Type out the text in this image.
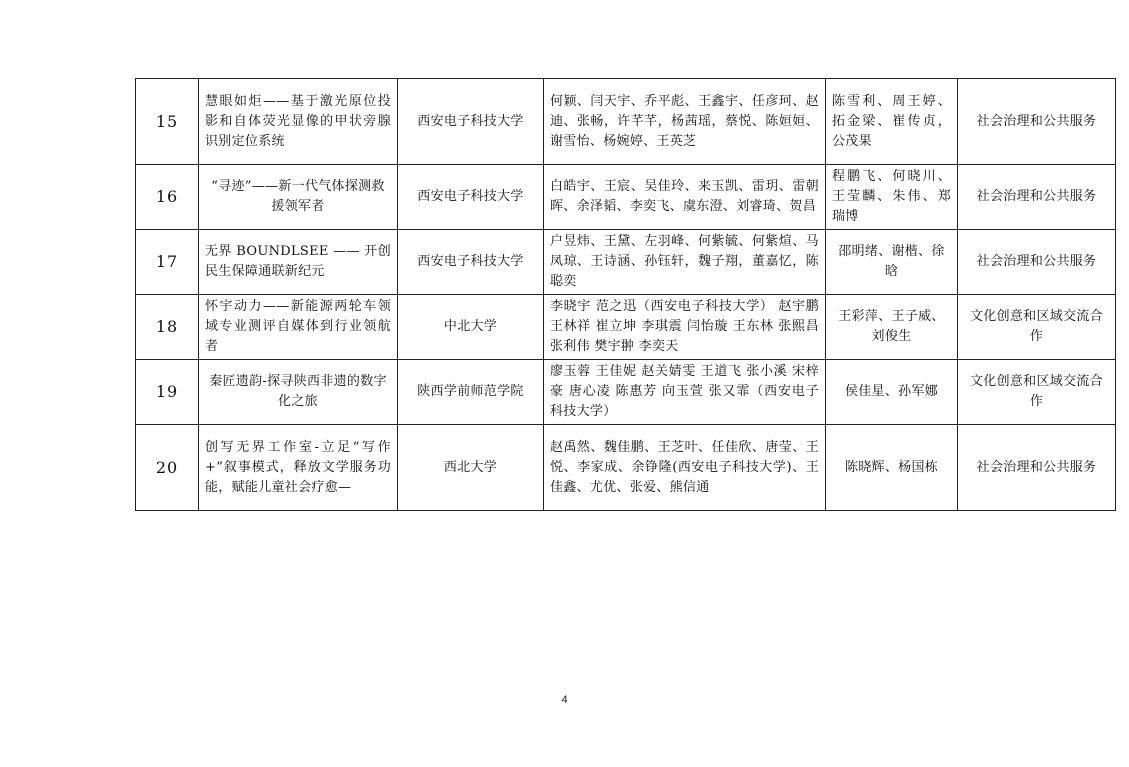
15	慧眼如炬——基于激光原位投影和自体荧光显像的甲状旁腺识别定位系统	西安电子科技大学	何颖、闫天宇、乔平彪、王鑫宇、任彦珂、赵迪、张畅，许芊芊，杨茜瑶，蔡悦、陈姮姮、谢雪怡、杨婉婷、王英芝	陈雪利、周王婷、拓金梁、崔传贞，公茂果	社会治理和公共服务
16	“寻迹”——新一代气体探测救援领军者	西安电子科技大学	白皓宇、王宸、吴佳玲、来玉凯、雷玥、雷朝晖、余泽韬、李奕飞、虞东澄、刘睿琦、贺昌	程鹏飞、何晓川、王莹麟、朱伟、郑瑞博	社会治理和公共服务
17	无界 BOUNDLSEE —— 开创民生保障通联新纪元	西安电子科技大学	户昱炜、王黛、左羽峰、何紫毓、何紫煊、马凤琼、王诗涵、孙钰轩，魏子翔，董嘉忆，陈聪奕	邵明绪、谢楷、徐晗	社会治理和公共服务
18	怀宇动力——新能源两轮车领域专业测评自媒体到行业领航者	中北大学	李晓宇 范之迅（西安电子科技大学） 赵宇鹏 王林祥 崔立坤 李琪震 闫怡璇 王东林 张熙昌 张利伟 樊宇翀 李奕天	王彩萍、王子威、刘俊生	文化创意和区域交流合作
19	秦匠遗韵-探寻陕西非遗的数字化之旅	陕西学前师范学院	廖玉蓉 王佳妮 赵关婧雯 王道飞 张小溪 宋梓豪 唐心凌 陈惠芳 向玉萱 张又霏（西安电子科技大学）	侯佳星、孙军娜	文化创意和区域交流合作
20	创写无界工作室-立足“写作+”叙事模式，释放文学服务功能，赋能儿童社会疗愈—	西北大学	赵禹然、魏佳鹏、王芝叶、任佳欣、唐莹、王悦、李家成、余铮隆(西安电子科技大学)、王佳鑫、尤优、张爱、熊信通	陈晓辉、杨国栋	社会治理和公共服务
4
